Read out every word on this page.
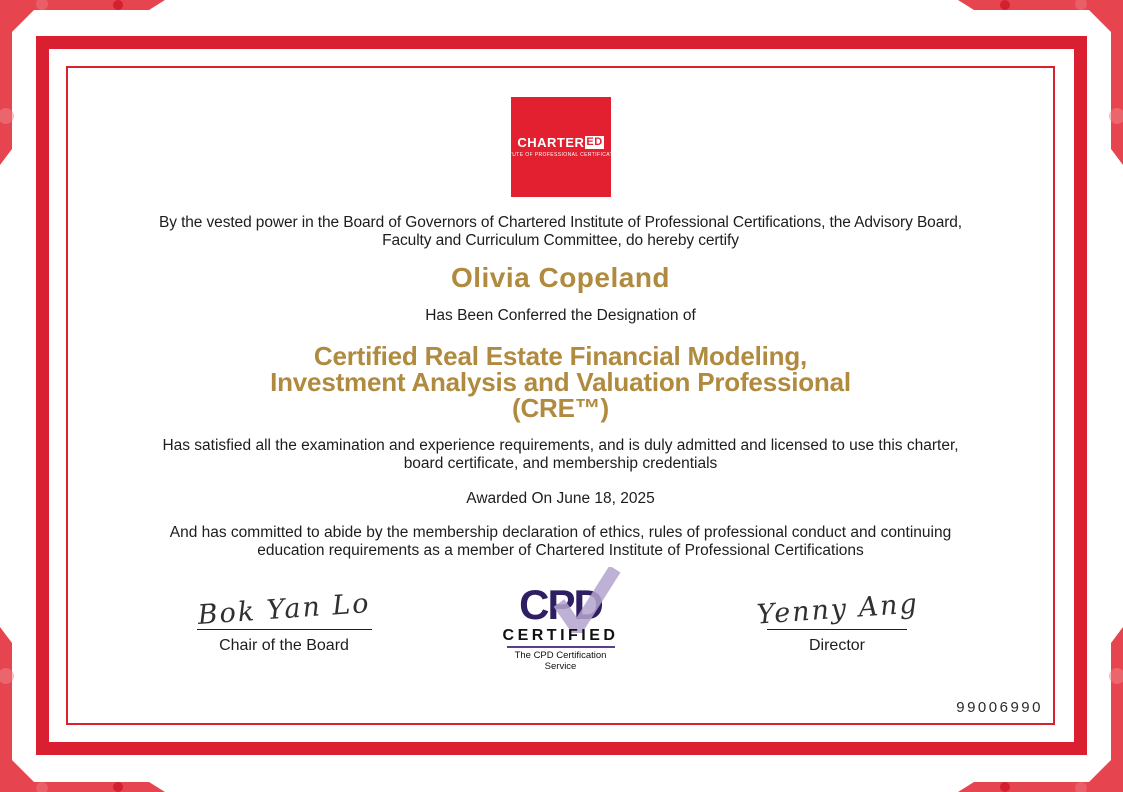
CHARTER ED
INSTITUTE OF PROFESSIONAL CERTIFICATIONS
By the vested power in the Board of Governors of Chartered Institute of Professional Certifications, the Advisory Board, Faculty and Curriculum Committee, do hereby certify
Olivia Copeland
Has Been Conferred the Designation of
Certified Real Estate Financial Modeling,
Investment Analysis and Valuation Professional
(CRE™)
Has satisfied all the examination and experience requirements, and is duly admitted and licensed to use this charter, board certificate, and membership credentials
Awarded On June 18, 2025
And has committed to abide by the membership declaration of ethics, rules of professional conduct and continuing education requirements as a member of Chartered Institute of Professional Certifications
Bok Yan Lo
Chair of the Board
CPD
CERTIFIED
The CPD Certification
Service
Yenny Ang
Director
99006990
